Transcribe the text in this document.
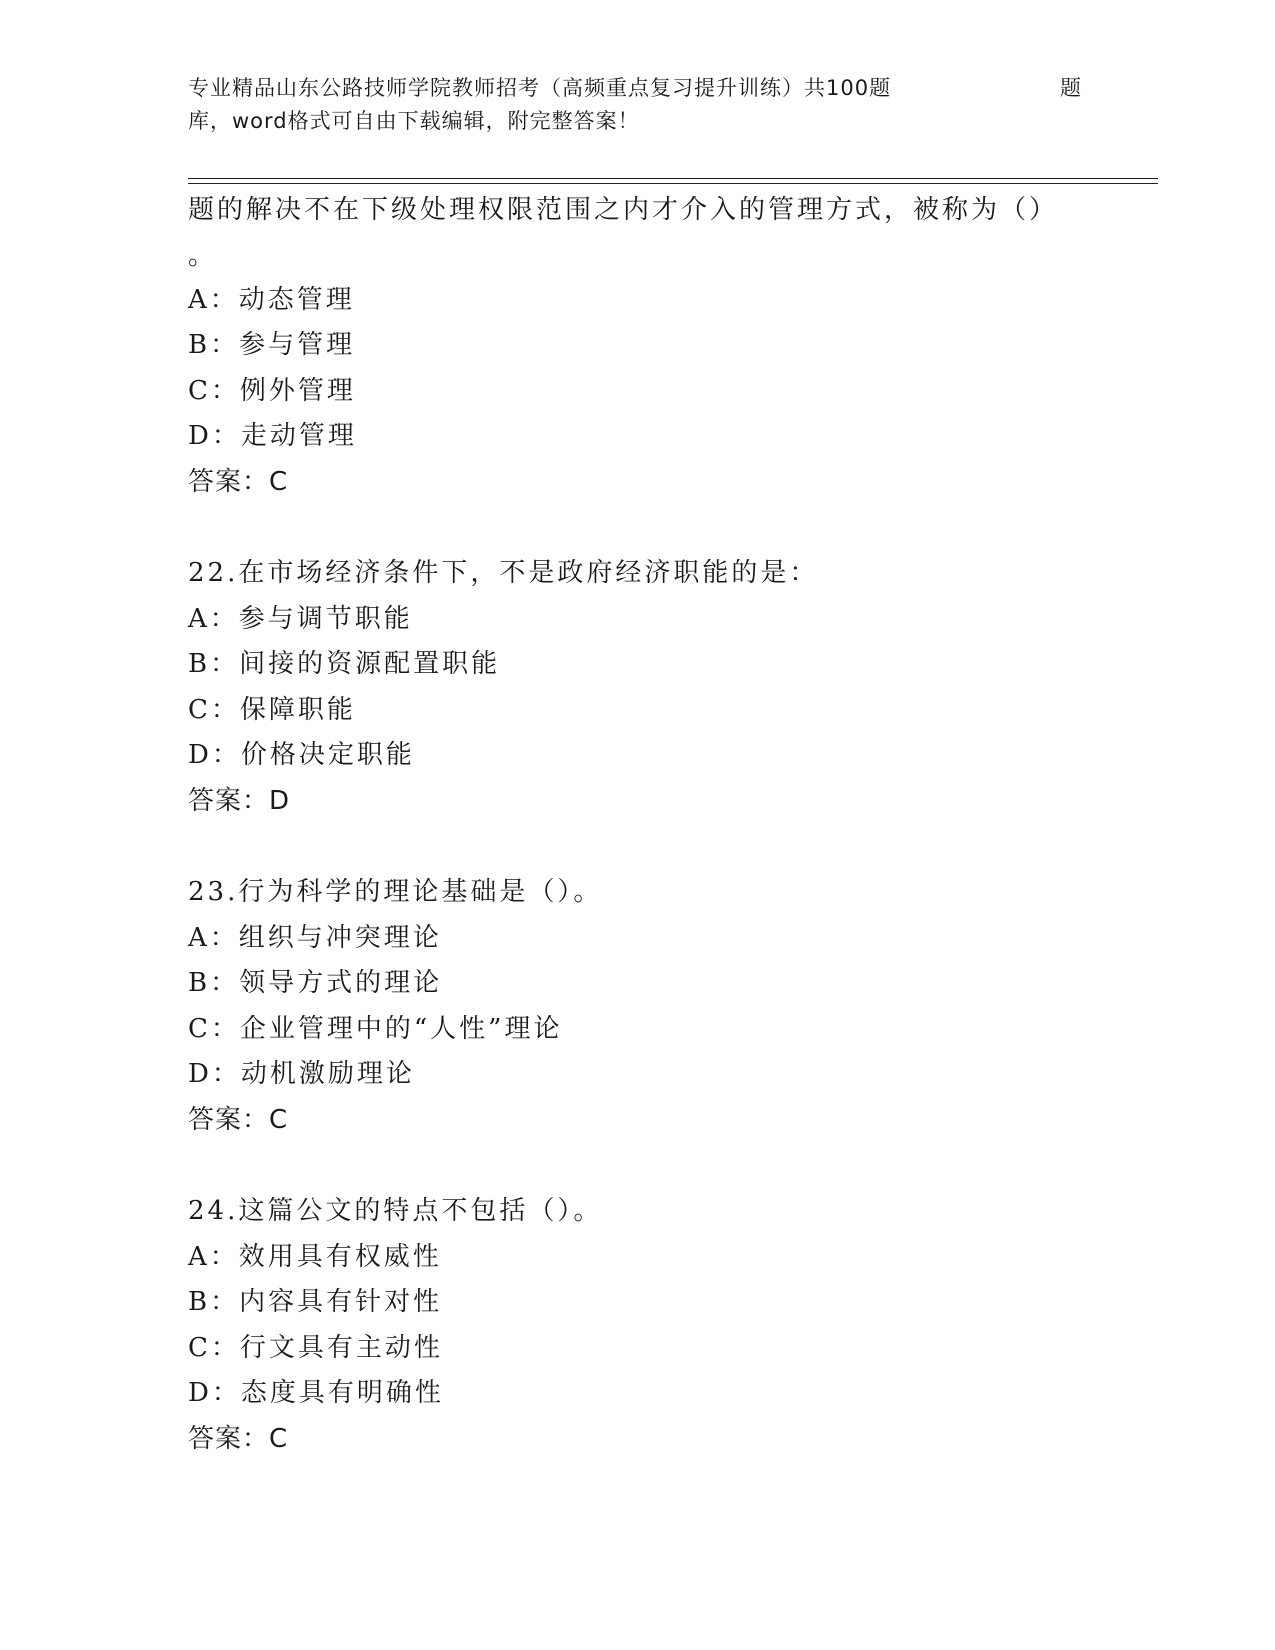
专业精品山东公路技师学院教师招考（高频重点复习提升训练）共100题	题
库，word格式可自由下载编辑，附完整答案！
题的解决不在下级处理权限范围之内才介入的管理方式，被称为（）
。
A：动态管理
B：参与管理
C：例外管理
D：走动管理
答案：C
22.在市场经济条件下，不是政府经济职能的是：
A：参与调节职能
B：间接的资源配置职能
C：保障职能
D：价格决定职能
答案：D
23.行为科学的理论基础是（）。
A：组织与冲突理论
B：领导方式的理论
C：企业管理中的“人性”理论
D：动机激励理论
答案：C
24.这篇公文的特点不包括（）。
A：效用具有权威性
B：内容具有针对性
C：行文具有主动性
D：态度具有明确性
答案：C
